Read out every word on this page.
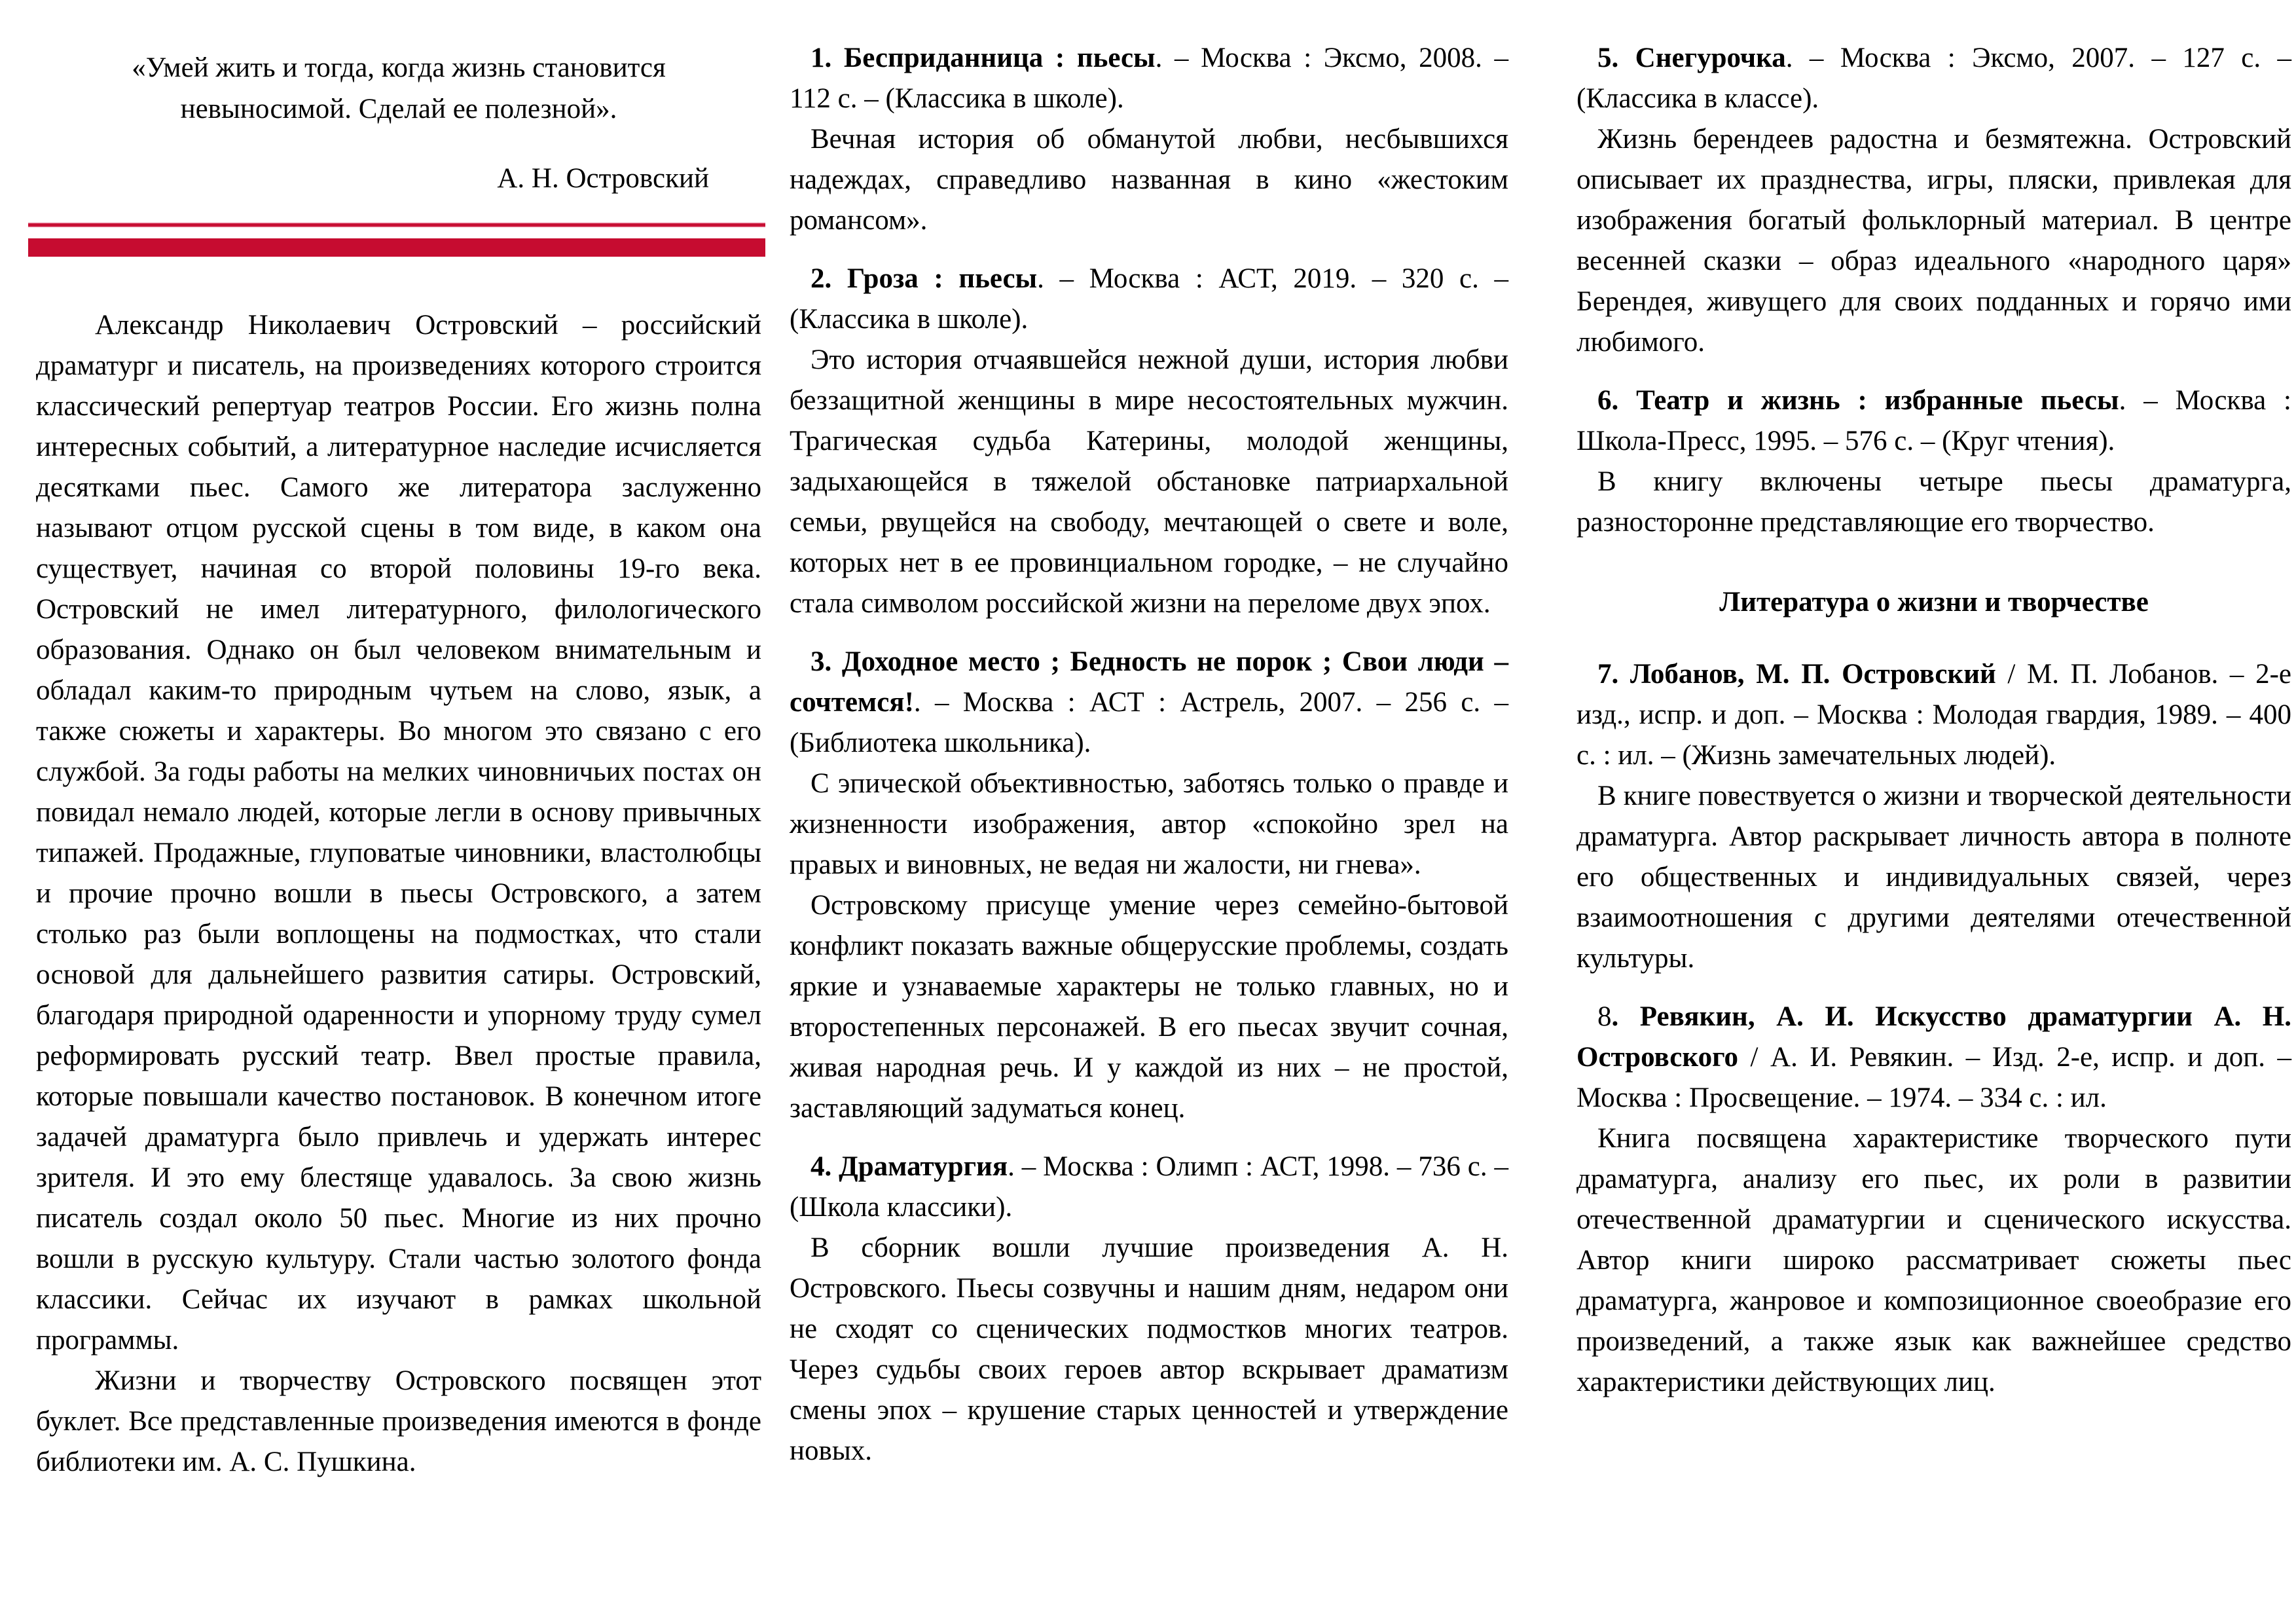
«Умей жить и тогда, когда жизнь становится невыносимой. Сделай ее полезной».

А. Н. Островский

Александр Николаевич Островский – российский драматург и писатель, на произведениях которого строится классический репертуар театров России. Его жизнь полна интересных событий, а литературное наследие исчисляется десятками пьес. Самого же литератора заслуженно называют отцом русской сцены в том виде, в каком она существует, начиная со второй половины 19-го века. Островский не имел литературного, филологического образования. Однако он был человеком внимательным и обладал каким-то природным чутьем на слово, язык, а также сюжеты и характеры. Во многом это связано с его службой. За годы работы на мелких чиновничьих постах он повидал немало людей, которые легли в основу привычных типажей. Продажные, глуповатые чиновники, властолюбцы и прочие прочно вошли в пьесы Островского, а затем столько раз были воплощены на подмостках, что стали основой для дальнейшего развития сатиры. Островский, благодаря природной одаренности и упорному труду сумел реформировать русский театр. Ввел простые правила, которые повышали качество постановок. В конечном итоге задачей драматурга было привлечь и удержать интерес зрителя. И это ему блестяще удавалось. За свою жизнь писатель создал около 50 пьес. Многие из них прочно вошли в русскую культуру. Стали частью золотого фонда классики. Сейчас их изучают в рамках школьной программы.

Жизни и творчеству Островского посвящен этот буклет. Все представленные произведения имеются в фонде библиотеки им. А. С. Пушкина.

1. Бесприданница : пьесы. – Москва : Эксмо, 2008. – 112 с. – (Классика в школе).

Вечная история об обманутой любви, несбывшихся надеждах, справедливо названная в кино «жестоким романсом».

2. Гроза : пьесы. – Москва : АСТ, 2019. – 320 с. – (Классика в школе).

Это история отчаявшейся нежной души, история любви беззащитной женщины в мире несостоятельных мужчин. Трагическая судьба Катерины, молодой женщины, задыхающейся в тяжелой обстановке патриархальной семьи, рвущейся на свободу, мечтающей о свете и воле, которых нет в ее провинциальном городке, – не случайно стала символом российской жизни на переломе двух эпох.

3. Доходное место ; Бедность не порок ; Свои люди – сочтемся!. – Москва : АСТ : Астрель, 2007. – 256 с. – (Библиотека школьника).

С эпической объективностью, заботясь только о правде и жизненности изображения, автор «спокойно зрел на правых и виновных, не ведая ни жалости, ни гнева».

Островскому присуще умение через семейно-бытовой конфликт показать важные общерусские проблемы, создать яркие и узнаваемые характеры не только главных, но и второстепенных персонажей. В его пьесах звучит сочная, живая народная речь. И у каждой из них – не простой, заставляющий задуматься конец.

4. Драматургия. – Москва : Олимп : АСТ, 1998. – 736 с. – (Школа классики).

В сборник вошли лучшие произведения А. Н. Островского. Пьесы созвучны и нашим дням, недаром они не сходят со сценических подмостков многих театров. Через судьбы своих героев автор вскрывает драматизм смены эпох – крушение старых ценностей и утверждение новых.

5. Снегурочка. – Москва : Эксмо, 2007. – 127 с. – (Классика в классе).

Жизнь берендеев радостна и безмятежна. Островский описывает их празднества, игры, пляски, привлекая для изображения богатый фольклорный материал. В центре весенней сказки – образ идеального «народного царя» Берендея, живущего для своих подданных и горячо ими любимого.

6. Театр и жизнь : избранные пьесы. – Москва : Школа-Пресс, 1995. – 576 с. – (Круг чтения).

В книгу включены четыре пьесы драматурга, разносторонне представляющие его творчество.

Литература о жизни и творчестве

7. Лобанов, М. П. Островский / М. П. Лобанов. – 2-е изд., испр. и доп. – Москва : Молодая гвардия, 1989. – 400 с. : ил. – (Жизнь замечательных людей).

В книге повествуется о жизни и творческой деятельности драматурга. Автор раскрывает личность автора в полноте его общественных и индивидуальных связей, через взаимоотношения с другими деятелями отечественной культуры.

8. Ревякин, А. И. Искусство драматургии А. Н. Островского / А. И. Ревякин. – Изд. 2-е, испр. и доп. – Москва : Просвещение. – 1974. – 334 с. : ил.

Книга посвящена характеристике творческого пути драматурга, анализу его пьес, их роли в развитии отечественной драматургии и сценического искусства. Автор книги широко рассматривает сюжеты пьес драматурга, жанровое и композиционное своеобразие его произведений, а также язык как важнейшее средство характеристики действующих лиц.
